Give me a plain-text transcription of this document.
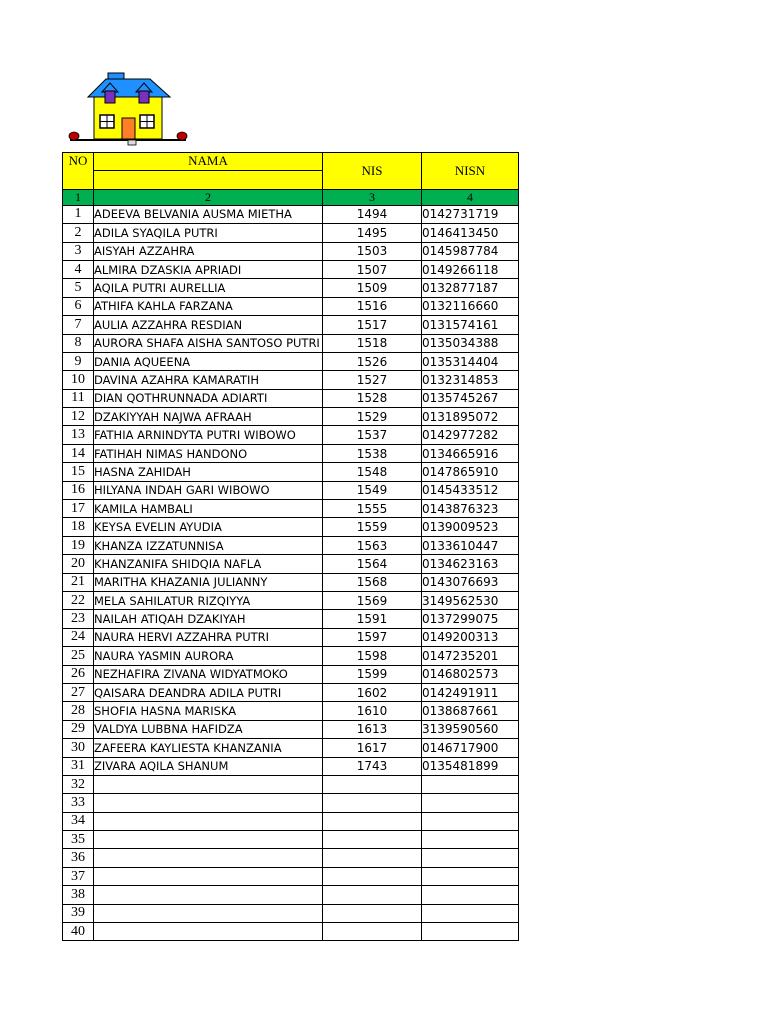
NO	NAMA	NIS	NISN

1	2	3	4
1	ADEEVA BELVANIA AUSMA MIETHA	1494	0142731719
2	ADILA SYAQILA PUTRI	1495	0146413450
3	AISYAH AZZAHRA	1503	0145987784
4	ALMIRA DZASKIA APRIADI	1507	0149266118
5	AQILA PUTRI AURELLIA	1509	0132877187
6	ATHIFA KAHLA FARZANA	1516	0132116660
7	AULIA AZZAHRA RESDIAN	1517	0131574161
8	AURORA SHAFA AISHA SANTOSO PUTRI	1518	0135034388
9	DANIA AQUEENA	1526	0135314404
10	DAVINA AZAHRA KAMARATIH	1527	0132314853
11	DIAN QOTHRUNNADA ADIARTI	1528	0135745267
12	DZAKIYYAH NAJWA AFRAAH	1529	0131895072
13	FATHIA ARNINDYTA PUTRI WIBOWO	1537	0142977282
14	FATIHAH NIMAS HANDONO	1538	0134665916
15	HASNA ZAHIDAH	1548	0147865910
16	HILYANA INDAH GARI WIBOWO	1549	0145433512
17	KAMILA HAMBALI	1555	0143876323
18	KEYSA EVELIN AYUDIA	1559	0139009523
19	KHANZA IZZATUNNISA	1563	0133610447
20	KHANZANIFA SHIDQIA NAFLA	1564	0134623163
21	MARITHA KHAZANIA JULIANNY	1568	0143076693
22	MELA SAHILATUR RIZQIYYA	1569	3149562530
23	NAILAH ATIQAH DZAKIYAH	1591	0137299075
24	NAURA HERVI AZZAHRA PUTRI	1597	0149200313
25	NAURA YASMIN AURORA	1598	0147235201
26	NEZHAFIRA ZIVANA WIDYATMOKO	1599	0146802573
27	QAISARA DEANDRA ADILA PUTRI	1602	0142491911
28	SHOFIA HASNA MARISKA	1610	0138687661
29	VALDYA LUBBNA HAFIDZA	1613	3139590560
30	ZAFEERA KAYLIESTA KHANZANIA	1617	0146717900
31	ZIVARA AQILA SHANUM	1743	0135481899
32			
33			
34			
35			
36			
37			
38			
39			
40			
